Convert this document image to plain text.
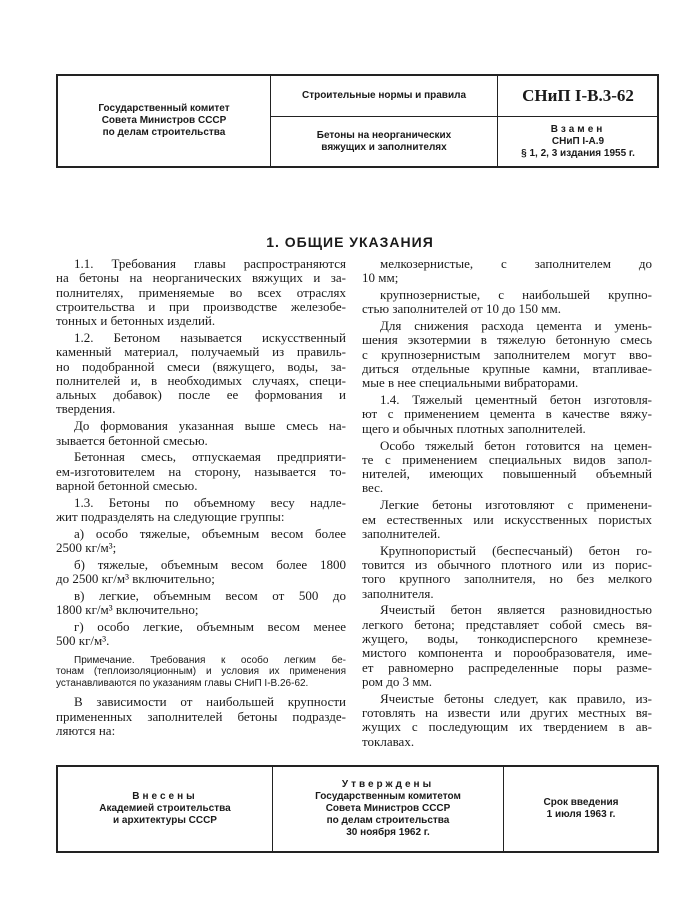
Государственный комитет
Совета Министров СССР
по делам строительства
Строительные нормы и правила
Бетоны на неорганических
вяжущих и заполнителях
СНиП I-В.3-62
Взамен
СНиП I-А.9
§ 1, 2, 3 издания 1955 г.
1. ОБЩИЕ УКАЗАНИЯ
1.1. Требования главы распространяются
на бетоны на неорганических вяжущих и за-
полнителях, применяемые во всех отраслях
строительства и при производстве железобе-
тонных и бетонных изделий.
1.2. Бетоном называется искусственный
каменный материал, получаемый из правиль-
но подобранной смеси (вяжущего, воды, за-
полнителей и, в необходимых случаях, специ-
альных добавок) после ее формования и
твердения.
До формования указанная выше смесь на-
зывается бетонной смесью.
Бетонная смесь, отпускаемая предприяти-
ем-изготовителем на сторону, называется то-
варной бетонной смесью.
1.3. Бетоны по объемному весу надле-
жит подразделять на следующие группы:
а) особо тяжелые, объемным весом более
2500 кг/м³;
б) тяжелые, объемным весом более 1800
до 2500 кг/м³ включительно;
в) легкие, объемным весом от 500 до
1800 кг/м³ включительно;
г) особо легкие, объемным весом менее
500 кг/м³.
Примечание. Требования к особо легким бе-
тонам (теплоизоляционным) и условия их применения
устанавливаются по указаниям главы СНиП I-В.26-62.
В зависимости от наибольшей крупности
примененных заполнителей бетоны подразде-
ляются на:
мелкозернистые, с заполнителем до
10 мм;
крупнозернистые, с наибольшей крупно-
стью заполнителей от 10 до 150 мм.
Для снижения расхода цемента и умень-
шения экзотермии в тяжелую бетонную смесь
с крупнозернистым заполнителем могут вво-
диться отдельные крупные камни, втапливае-
мые в нее специальными вибраторами.
1.4. Тяжелый цементный бетон изготовля-
ют с применением цемента в качестве вяжу-
щего и обычных плотных заполнителей.
Особо тяжелый бетон готовится на цемен-
те с применением специальных видов запол-
нителей, имеющих повышенный объемный
вес.
Легкие бетоны изготовляют с применени-
ем естественных или искусственных пористых
заполнителей.
Крупнопористый (беспесчаный) бетон го-
товится из обычного плотного или из порис-
того крупного заполнителя, но без мелкого
заполнителя.
Ячеистый бетон является разновидностью
легкого бетона; представляет собой смесь вя-
жущего, воды, тонкодисперсного кремнезе-
мистого компонента и порообразователя, име-
ет равномерно распределенные поры разме-
ром до 3 мм.
Ячеистые бетоны следует, как правило, из-
готовлять на извести или других местных вя-
жущих с последующим их твердением в ав-
токлавах.
Внесены
Академией строительства
и архитектуры СССР
Утверждены
Государственным комитетом
Совета Министров СССР
по делам строительства
30 ноября 1962 г.
Срок введения
1 июля 1963 г.
